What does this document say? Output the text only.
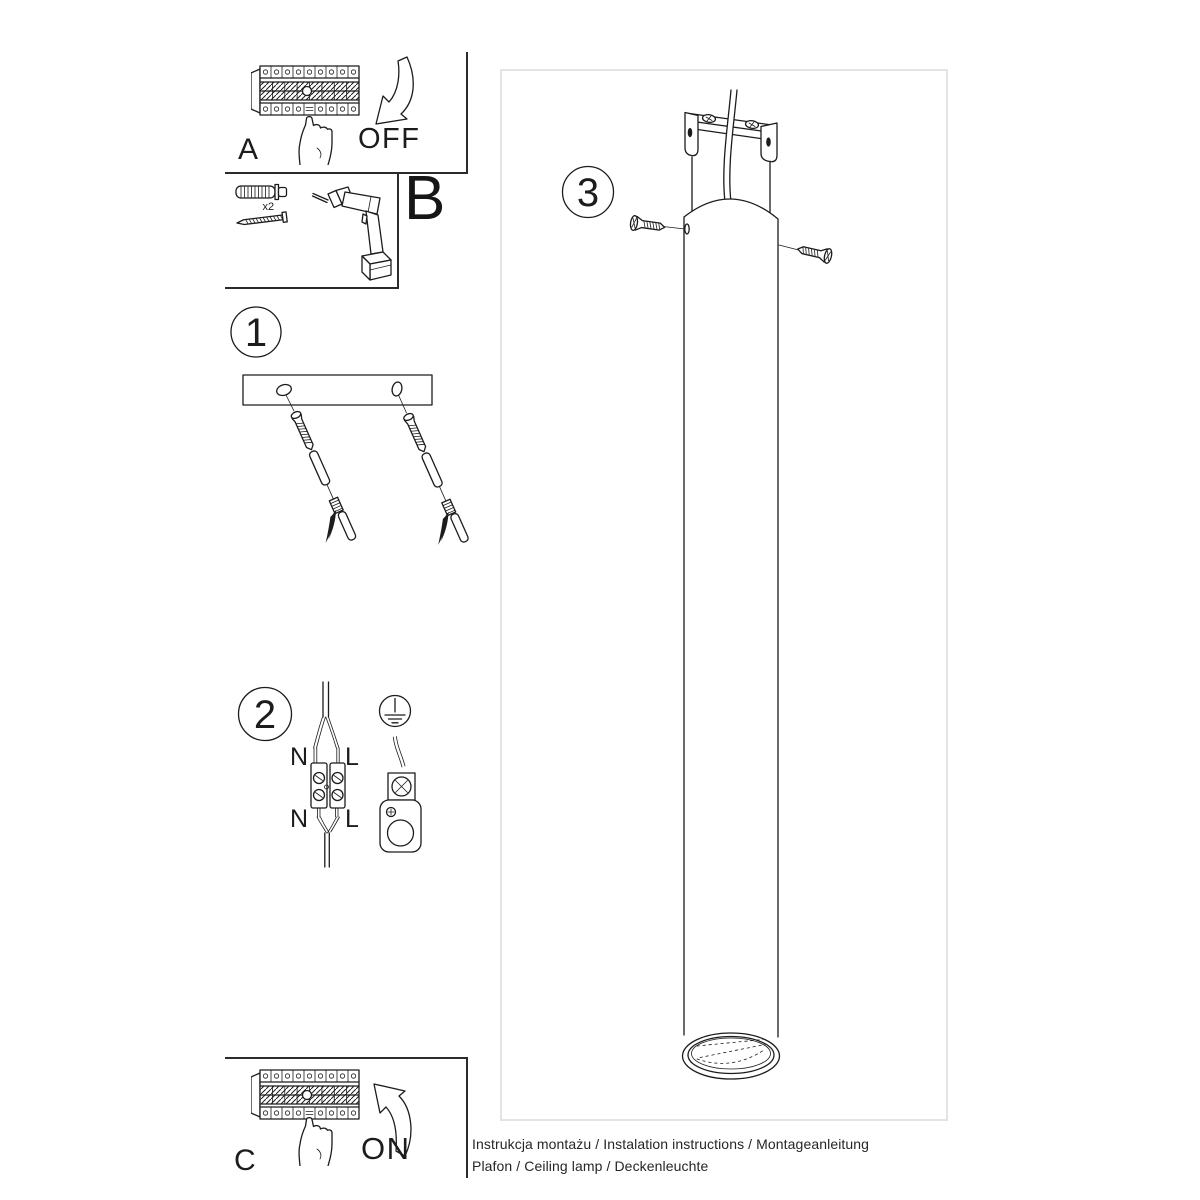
OFF
A
x2 B
1
2
N L
N L
3
ON
C	Instrukcja montażu / Instalation instructions / Montageanleitung
Plafon / Ceiling lamp / Deckenleuchte
